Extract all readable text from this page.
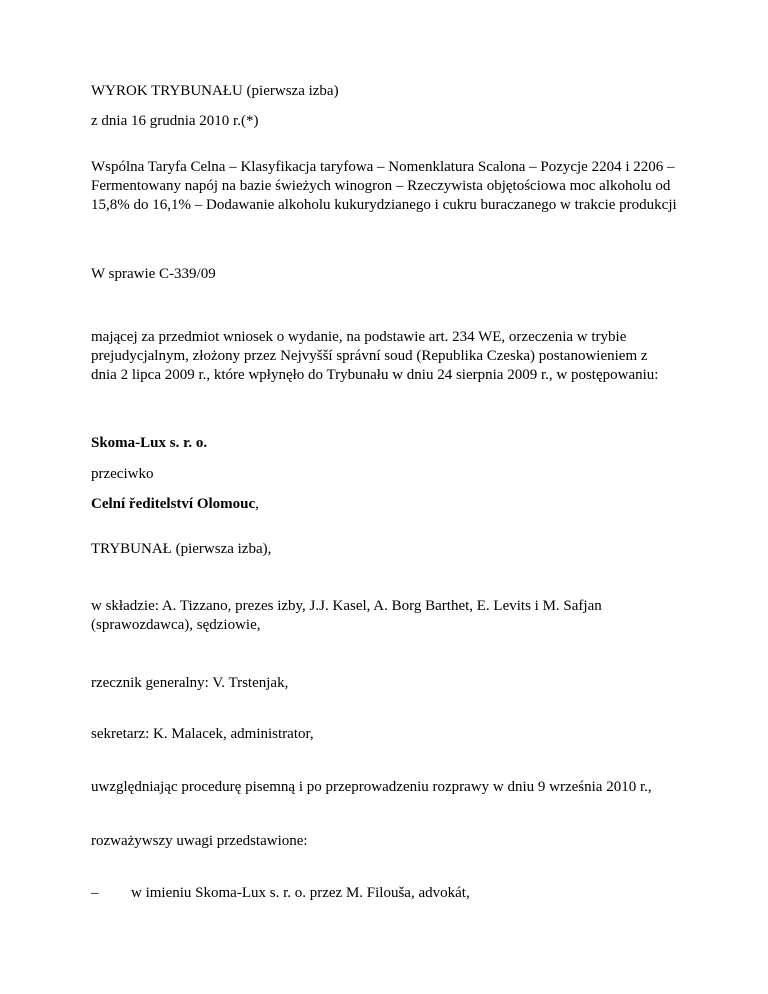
WYROK TRYBUNAŁU (pierwsza izba)

z dnia 16 grudnia 2010 r.(*)

Wspólna Taryfa Celna – Klasyfikacja taryfowa – Nomenklatura Scalona – Pozycje 2204 i 2206 – Fermentowany napój na bazie świeżych winogron – Rzeczywista objętościowa moc alkoholu od 15,8% do 16,1% – Dodawanie alkoholu kukurydzianego i cukru buraczanego w trakcie produkcji

W sprawie C‑339/09

mającej za przedmiot wniosek o wydanie, na podstawie art. 234 WE, orzeczenia w trybie prejudycjalnym, złożony przez Nejvyšší správní soud (Republika Czeska) postanowieniem z dnia 2 lipca 2009 r., które wpłynęło do Trybunału w dniu 24 sierpnia 2009 r., w postępowaniu:

Skoma-Lux s. r. o.

przeciwko

Celní ředitelství Olomouc,

TRYBUNAŁ (pierwsza izba),

w składzie: A. Tizzano, prezes izby, J.J. Kasel, A. Borg Barthet, E. Levits i M. Safjan (sprawozdawca), sędziowie,

rzecznik generalny: V. Trstenjak,

sekretarz: K. Malacek, administrator,

uwzględniając procedurę pisemną i po przeprowadzeniu rozprawy w dniu 9 września 2010 r.,

rozważywszy uwagi przedstawione:

– w imieniu Skoma-Lux s. r. o. przez M. Filouša, advokát,
